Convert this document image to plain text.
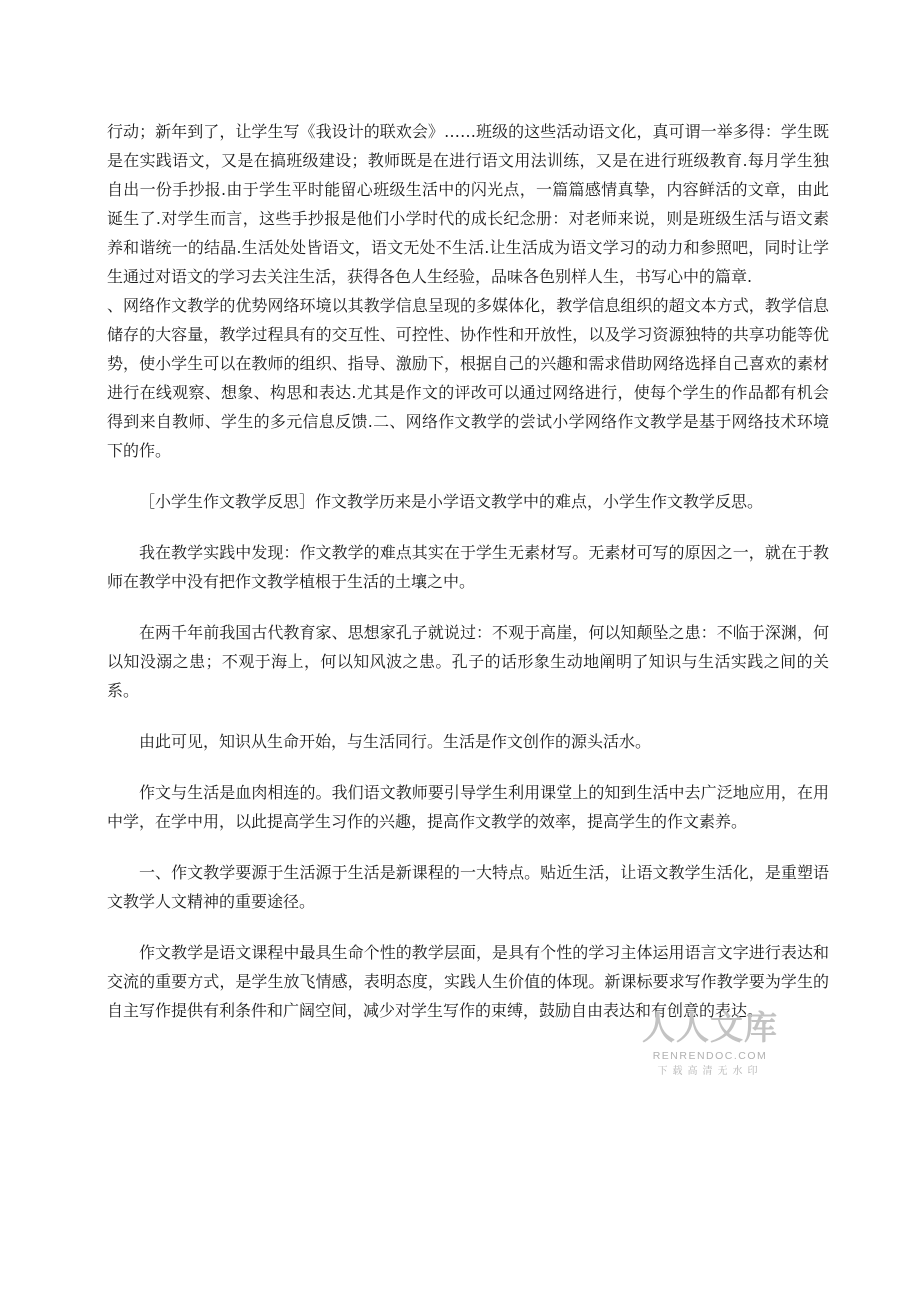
行动；新年到了，让学生写《我设计的联欢会》……班级的这些活动语文化，真可谓一举多得：学生既是在实践语文，又是在搞班级建设；教师既是在进行语文用法训练，又是在进行班级教育.每月学生独自出一份手抄报.由于学生平时能留心班级生活中的闪光点，一篇篇感情真挚，内容鲜活的文章，由此诞生了.对学生而言，这些手抄报是他们小学时代的成长纪念册：对老师来说，则是班级生活与语文素养和谐统一的结晶.生活处处皆语文，语文无处不生活.让生活成为语文学习的动力和参照吧，同时让学生通过对语文的学习去关注生活，获得各色人生经验，品味各色别样人生，书写心中的篇章.

、网络作文教学的优势网络环境以其教学信息呈现的多媒体化，教学信息组织的超文本方式，教学信息储存的大容量，教学过程具有的交互性、可控性、协作性和开放性，以及学习资源独特的共享功能等优势，使小学生可以在教师的组织、指导、激励下，根据自己的兴趣和需求借助网络选择自己喜欢的素材进行在线观察、想象、构思和表达.尤其是作文的评改可以通过网络进行，使每个学生的作品都有机会得到来自教师、学生的多元信息反馈.二、网络作文教学的尝试小学网络作文教学是基于网络技术环境下的作。

［小学生作文教学反思］作文教学历来是小学语文教学中的难点，小学生作文教学反思。

我在教学实践中发现：作文教学的难点其实在于学生无素材写。无素材可写的原因之一，就在于教师在教学中没有把作文教学植根于生活的土壤之中。

在两千年前我国古代教育家、思想家孔子就说过：不观于高崖，何以知颠坠之患：不临于深渊，何以知没溺之患；不观于海上，何以知风波之患。孔子的话形象生动地阐明了知识与生活实践之间的关系。

由此可见，知识从生命开始，与生活同行。生活是作文创作的源头活水。

作文与生活是血肉相连的。我们语文教师要引导学生利用课堂上的知到生活中去广泛地应用，在用中学，在学中用，以此提高学生习作的兴趣，提高作文教学的效率，提高学生的作文素养。

一、作文教学要源于生活源于生活是新课程的一大特点。贴近生活，让语文教学生活化，是重塑语文教学人文精神的重要途径。

作文教学是语文课程中最具生命个性的教学层面，是具有个性的学习主体运用语言文字进行表达和交流的重要方式，是学生放飞情感，表明态度，实践人生价值的体现。新课标要求写作教学要为学生的自主写作提供有利条件和广阔空间，减少对学生写作的束缚，鼓励自由表达和有创意的表达。

人人文库
RENRENDOC.COM
下载高清无水印
